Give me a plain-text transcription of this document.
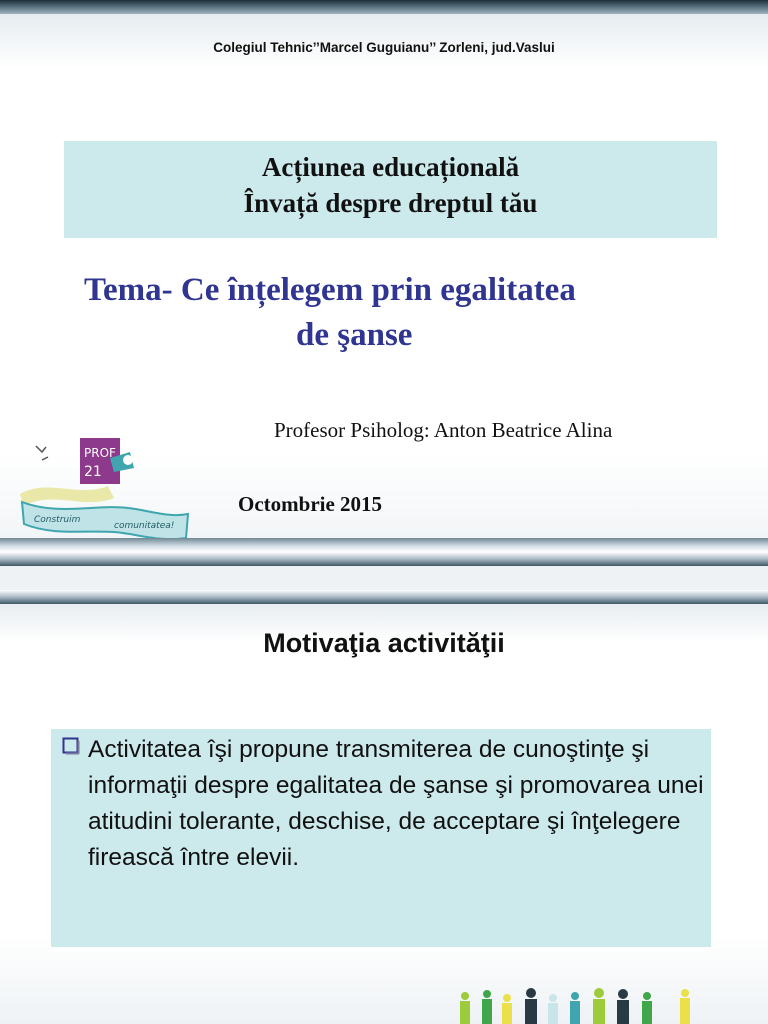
Colegiul Tehnic’’Marcel Guguianu’’ Zorleni, jud.Vaslui
Acțiunea educațională
Învață despre dreptul tău
Tema- Ce înțelegem prin egalitatea
de şanse
Profesor Psiholog: Anton Beatrice Alina
Octombrie 2015
PROF
21
Construim
comunitatea!
Motivaţia activităţii
Activitatea îşi propune transmiterea de cunoştinţe şi informaţii despre egalitatea de şanse şi promovarea unei atitudini tolerante, deschise, de acceptare şi înţelegere firească între elevii.
